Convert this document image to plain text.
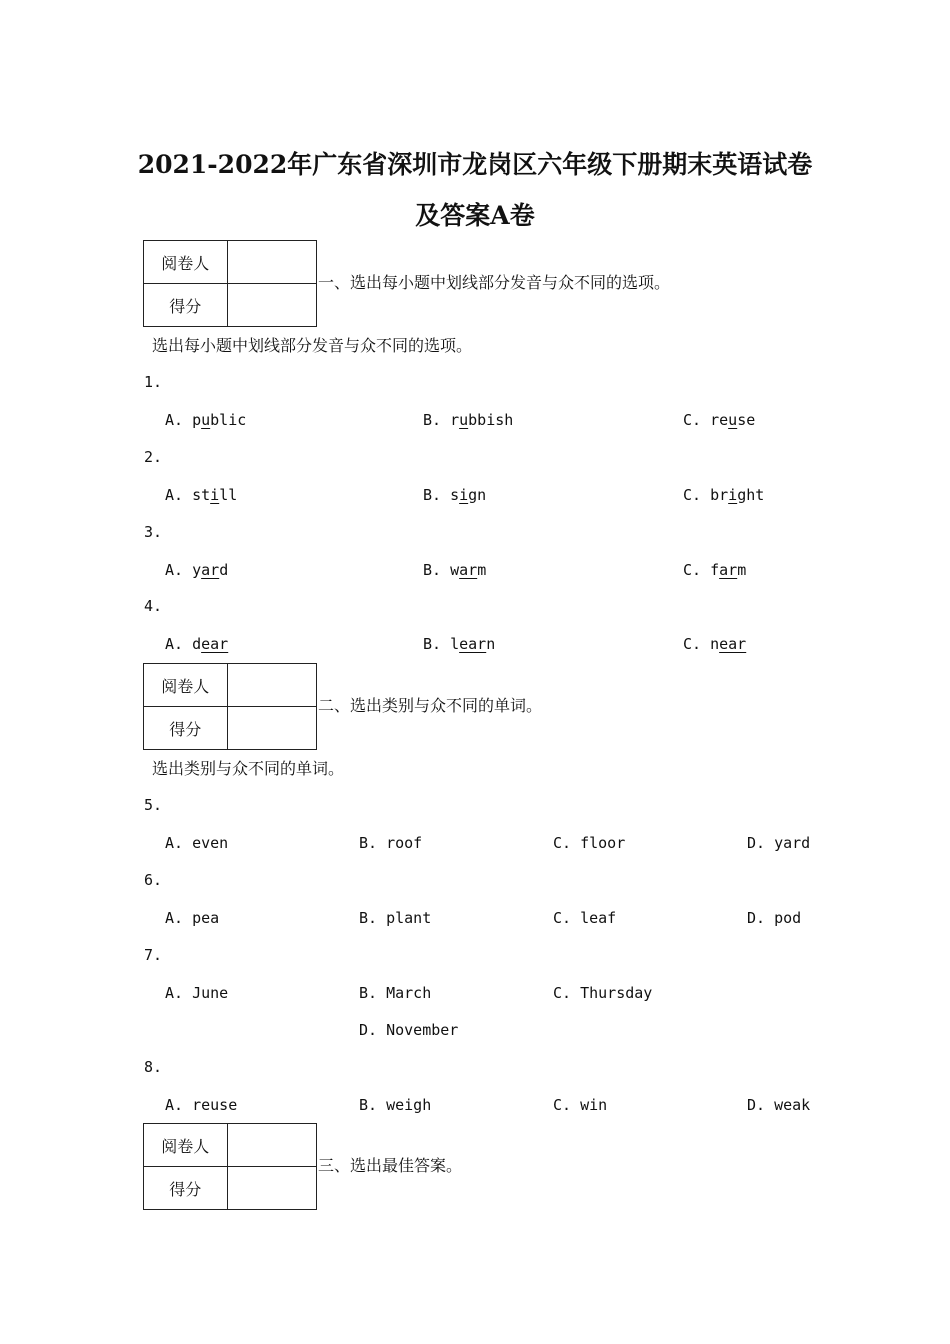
2021-2022年广东省深圳市龙岗区六年级下册期末英语试卷
及答案A卷
阅卷人	
得分	
一、选出每小题中划线部分发音与众不同的选项。
选出每小题中划线部分发音与众不同的选项。
1.
A. public	B. rubbish	C. reuse
2.
A. still	B. sign	C. bright
3.
A. yard	B. warm	C. farm
4.
A. dear	B. learn	C. near
阅卷人	
得分	
二、选出类别与众不同的单词。
选出类别与众不同的单词。
5.
A. even	B. roof	C. floor	D. yard
6.
A. pea	B. plant	C. leaf	D. pod
7.
A. June	B. March	C. Thursday
D. November
8.
A. reuse	B. weigh	C. win	D. weak
阅卷人	
得分	
三、选出最佳答案。
